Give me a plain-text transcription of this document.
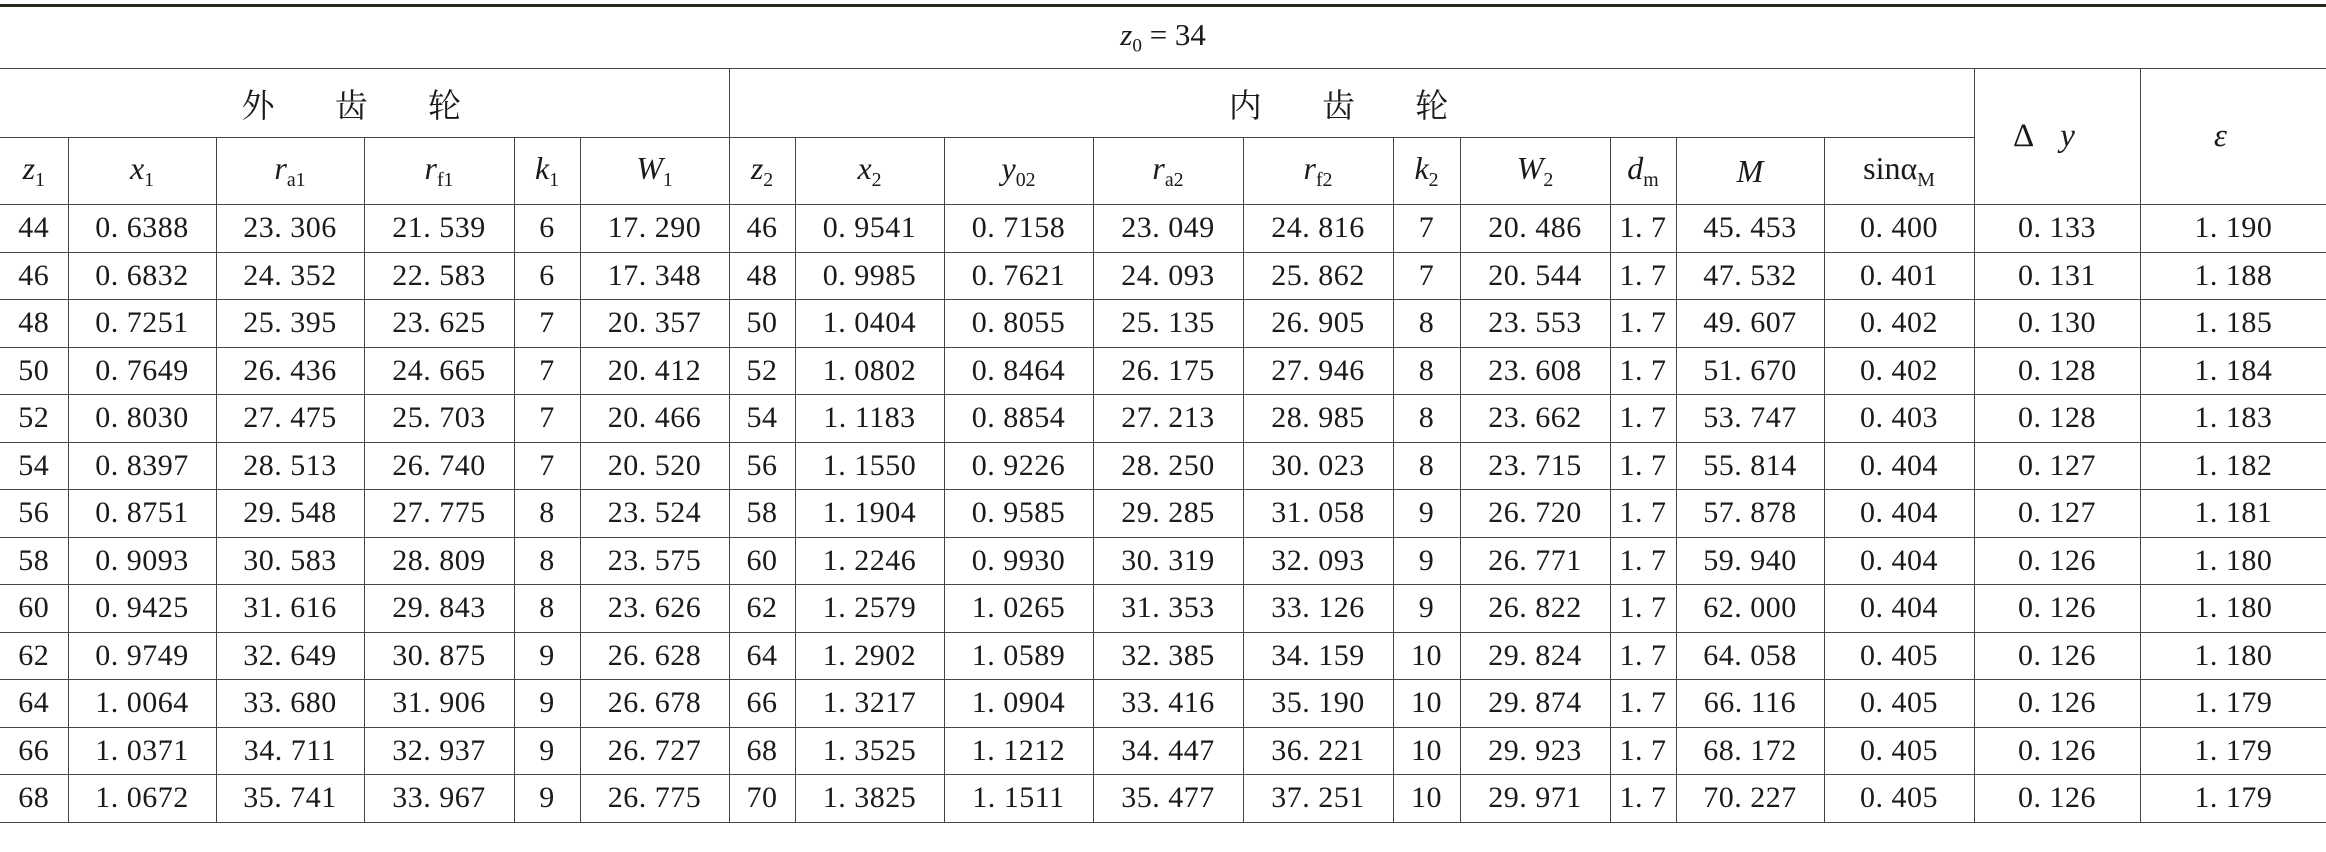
$z_0 = 34$																	
外 齿 轮						内 齿 轮										Δy	ε
$z_1$	$x_1$	$r_{a1}$	$r_{f1}$	$k_1$	$W_1$	$z_2$	$x_2$	$y_{02}$	$r_{a2}$	$r_{f2}$	$k_2$	$W_2$	$d_m$	M	sinα$_M$
44	0. 6388	23. 306	21. 539	6	17. 290	46	0. 9541	0. 7158	23. 049	24. 816	7	20. 486	1. 7	45. 453	0. 400	0. 133	1. 190
46	0. 6832	24. 352	22. 583	6	17. 348	48	0. 9985	0. 7621	24. 093	25. 862	7	20. 544	1. 7	47. 532	0. 401	0. 131	1. 188
48	0. 7251	25. 395	23. 625	7	20. 357	50	1. 0404	0. 8055	25. 135	26. 905	8	23. 553	1. 7	49. 607	0. 402	0. 130	1. 185
50	0. 7649	26. 436	24. 665	7	20. 412	52	1. 0802	0. 8464	26. 175	27. 946	8	23. 608	1. 7	51. 670	0. 402	0. 128	1. 184
52	0. 8030	27. 475	25. 703	7	20. 466	54	1. 1183	0. 8854	27. 213	28. 985	8	23. 662	1. 7	53. 747	0. 403	0. 128	1. 183
54	0. 8397	28. 513	26. 740	7	20. 520	56	1. 1550	0. 9226	28. 250	30. 023	8	23. 715	1. 7	55. 814	0. 404	0. 127	1. 182
56	0. 8751	29. 548	27. 775	8	23. 524	58	1. 1904	0. 9585	29. 285	31. 058	9	26. 720	1. 7	57. 878	0. 404	0. 127	1. 181
58	0. 9093	30. 583	28. 809	8	23. 575	60	1. 2246	0. 9930	30. 319	32. 093	9	26. 771	1. 7	59. 940	0. 404	0. 126	1. 180
60	0. 9425	31. 616	29. 843	8	23. 626	62	1. 2579	1. 0265	31. 353	33. 126	9	26. 822	1. 7	62. 000	0. 404	0. 126	1. 180
62	0. 9749	32. 649	30. 875	9	26. 628	64	1. 2902	1. 0589	32. 385	34. 159	10	29. 824	1. 7	64. 058	0. 405	0. 126	1. 180
64	1. 0064	33. 680	31. 906	9	26. 678	66	1. 3217	1. 0904	33. 416	35. 190	10	29. 874	1. 7	66. 116	0. 405	0. 126	1. 179
66	1. 0371	34. 711	32. 937	9	26. 727	68	1. 3525	1. 1212	34. 447	36. 221	10	29. 923	1. 7	68. 172	0. 405	0. 126	1. 179
68	1. 0672	35. 741	33. 967	9	26. 775	70	1. 3825	1. 1511	35. 477	37. 251	10	29. 971	1. 7	70. 227	0. 405	0. 126	1. 179
